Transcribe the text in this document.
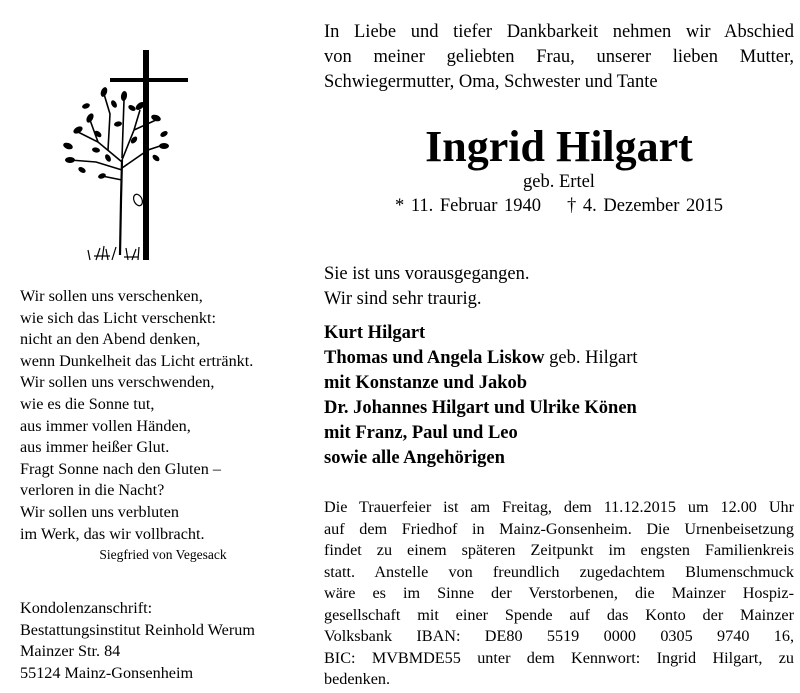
In Liebe und tiefer Dankbarkeit nehmen wir Abschied
von meiner geliebten Frau, unserer lieben Mutter,
Schwiegermutter, Oma, Schwester und Tante
Ingrid Hilgart
geb. Ertel
* 11. Februar 1940 † 4. Dezember 2015
Sie ist uns vorausgegangen.
Wir sind sehr traurig.
Kurt Hilgart
Thomas und Angela Liskow geb. Hilgart
mit Konstanze und Jakob
Dr. Johannes Hilgart und Ulrike Könen
mit Franz, Paul und Leo
sowie alle Angehörigen
Die Trauerfeier ist am Freitag, dem 11.12.2015 um 12.00 Uhr
auf dem Friedhof in Mainz-Gonsenheim. Die Urnenbeisetzung
findet zu einem späteren Zeitpunkt im engsten Familienkreis
statt. Anstelle von freundlich zugedachtem Blumenschmuck
wäre es im Sinne der Verstorbenen, die Mainzer Hospiz-
gesellschaft mit einer Spende auf das Konto der Mainzer
Volksbank IBAN: DE80 5519 0000 0305 9740 16,
BIC: MVBMDE55 unter dem Kennwort: Ingrid Hilgart, zu
bedenken.
Wir sollen uns verschenken,
wie sich das Licht verschenkt:
nicht an den Abend denken,
wenn Dunkelheit das Licht ertränkt.
Wir sollen uns verschwenden,
wie es die Sonne tut,
aus immer vollen Händen,
aus immer heißer Glut.
Fragt Sonne nach den Gluten –
verloren in die Nacht?
Wir sollen uns verbluten
im Werk, das wir vollbracht.
Siegfried von Vegesack
Kondolenzanschrift:
Bestattungsinstitut Reinhold Werum
Mainzer Str. 84
55124 Mainz-Gonsenheim
